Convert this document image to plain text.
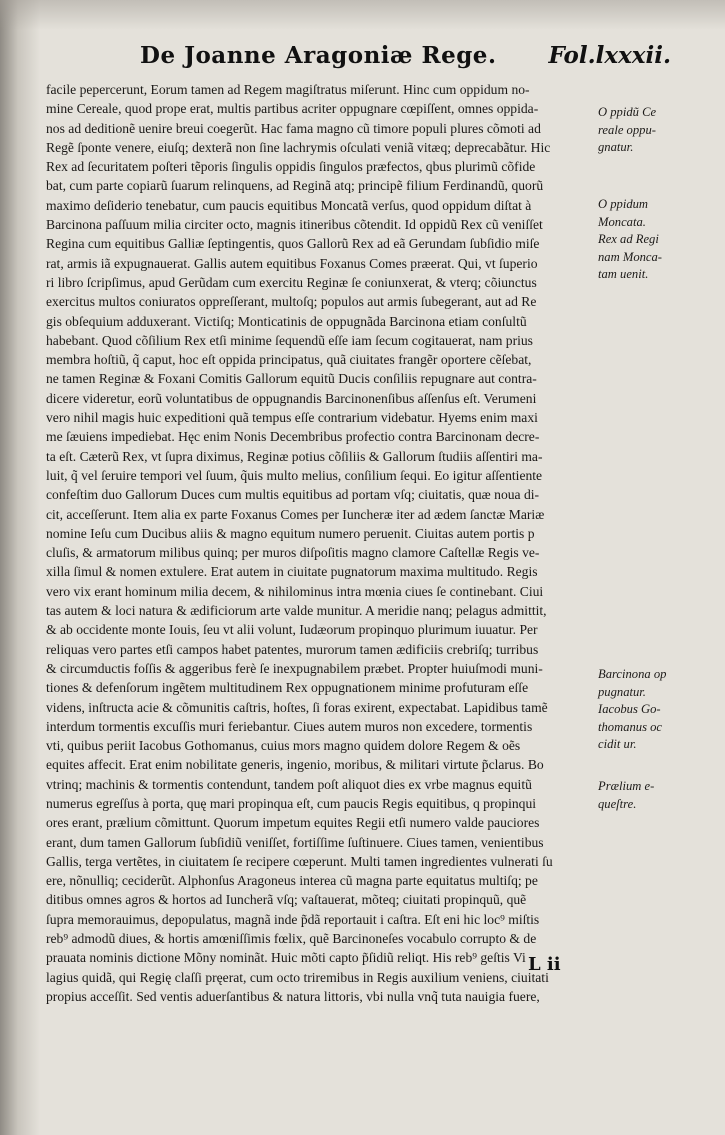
De Joanne Aragoniæ Rege. Fol.lxxxii.
facile pepercerunt, Eorum tamen ad Regem magiſtratus miſerunt. Hinc cum oppidum no-
mine Cereale, quod prope erat, multis partibus acriter oppugnare cœpiſſent, omnes oppida-
nos ad deditionẽ uenire breui coegerũt. Hac fama magno cũ timore populi plures cõmoti ad
Regẽ ſponte venere, eiuſq; dexterã non ſine lachrymis oſculati veniã vitæq; deprecabãtur. Hic
Rex ad ſecuritatem poſteri tẽporis ſingulis oppidis ſingulos præfectos, qbus plurimũ cõfide
bat, cum parte copiarũ ſuarum relinquens, ad Reginã atq; principẽ filium Ferdinandũ, quorũ
maximo deſiderio tenebatur, cum paucis equitibus Moncatã verſus, quod oppidum diſtat à
Barcinona paſſuum milia circiter octo, magnis itineribus cõtendit. Id oppidũ Rex cũ veniſſet
Regina cum equitibus Galliæ ſeptingentis, quos Gallorũ Rex ad eã Gerundam ſubſidio miſe
rat, armis iã expugnauerat. Gallis autem equitibus Foxanus Comes præerat. Qui, vt ſuperio
ri libro ſcripſimus, apud Gerũdam cum exercitu Reginæ ſe coniunxerat, & vterq; cõiunctus
exercitus multos coniuratos oppreſſerant, multoſq; populos aut armis ſubegerant, aut ad Re
gis obſequium adduxerant. Victiſq; Monticatinis de oppugnãda Barcinona etiam conſultũ
habebant. Quod cõſilium Rex etſi minime ſequendũ eſſe iam ſecum cogitauerat, nam prius
membra hoſtiũ, q̃ caput, hoc eſt oppida principatus, quã ciuitates frangẽr oportere cẽſebat,
ne tamen Reginæ & Foxani Comitis Gallorum equitũ Ducis conſiliis repugnare aut contra-
dicere videretur, eorũ voluntatibus de oppugnandis Barcinonenſibus aſſenſus eſt. Verumeni
vero nihil magis huic expeditioni quã tempus eſſe contrarium videbatur. Hyems enim maxi
me ſæuiens impediebat. Hęc enim Nonis Decembribus profectio contra Barcinonam decre-
ta eſt. Cæterũ Rex, vt ſupra diximus, Reginæ potius cõſiliis & Gallorum ſtudiis aſſentiri ma-
luit, q̃ vel ſeruire tempori vel ſuum, q̃uis multo melius, conſilium ſequi. Eo igitur aſſentiente
confeſtim duo Gallorum Duces cum multis equitibus ad portam vſq; ciuitatis, quæ noua di-
cit, acceſſerunt. Item alia ex parte Foxanus Comes per Iuncheræ iter ad ædem ſanctæ Mariæ
nomine Ieſu cum Ducibus aliis & magno equitum numero peruenit. Ciuitas autem portis p
cluſis, & armatorum milibus quinq; per muros diſpoſitis magno clamore Caſtellæ Regis ve-
xilla ſimul & nomen extulere. Erat autem in ciuitate pugnatorum maxima multitudo. Regis
vero vix erant hominum milia decem, & nihilominus intra mœnia ciues ſe continebant. Ciui
tas autem & loci natura & ædificiorum arte valde munitur. A meridie nanq; pelagus admittit,
& ab occidente monte Iouis, ſeu vt alii volunt, Iudæorum propinquo plurimum iuuatur. Per
reliquas vero partes etſi campos habet patentes, murorum tamen ædificiis crebriſq; turribus
& circumductis foſſis & aggeribus ferè ſe inexpugnabilem præbet. Propter huiuſmodi muni-
tiones & defenſorum ingẽtem multitudinem Rex oppugnationem minime profuturam eſſe
videns, inſtructa acie & cõmunitis caſtris, hoſtes, ſi foras exirent, expectabat. Lapidibus tamẽ
interdum tormentis excuſſis muri feriebantur. Ciues autem muros non excedere, tormentis
vti, quibus periit Iacobus Gothomanus, cuius mors magno quidem dolore Regem & oẽs
equites affecit. Erat enim nobilitate generis, ingenio, moribus, & militari virtute p̃clarus. Bo
vtrinq; machinis & tormentis contendunt, tandem poſt aliquot dies ex vrbe magnus equitũ
numerus egreſſus à porta, quę mari propinqua eſt, cum paucis Regis equitibus, q propinqui
ores erant, prælium cõmittunt. Quorum impetum equites Regii etſi numero valde pauciores
erant, dum tamen Gallorum ſubſidiũ veniſſet, fortiſſime ſuſtinuere. Ciues tamen, venientibus
Gallis, terga vertẽtes, in ciuitatem ſe recipere cœperunt. Multi tamen ingredientes vulnerati ſu
ere, nõnulliq; ceciderũt. Alphonſus Aragoneus interea cũ magna parte equitatus multiſq; pe
ditibus omnes agros & hortos ad Iuncherã vſq; vaſtauerat, mõteq; ciuitati propinquũ, quẽ
ſupra memorauimus, depopulatus, magnã inde p̃dã reportauit i caſtra. Eſt eni hic loc⁹ miſtis
reb⁹ admodũ diues, & hortis amœniſſimis fœlix, quẽ Barcinoneſes vocabulo corrupto & de
prauata nominis dictione Mõny nominãt. Huic mõti capto p̃ſidiũ reliqt. His reb⁹ geſtis Vi
lagius quidã, qui Regię claſſi pręerat, cum octo triremibus in Regis auxilium veniens, ciuitati
propius acceſſit. Sed ventis aduerſantibus & natura littoris, vbi nulla vnq̃ tuta nauigia fuere,
O ppidũ Ce
reale oppu-
gnatur.
O ppidum
Moncata.
Rex ad Regi
nam Monca-
tam uenit.
Barcinona op
pugnatur.
Iacobus Go-
thomanus oc
cidit ur.
Prælium e-
queſtre.
L ii
